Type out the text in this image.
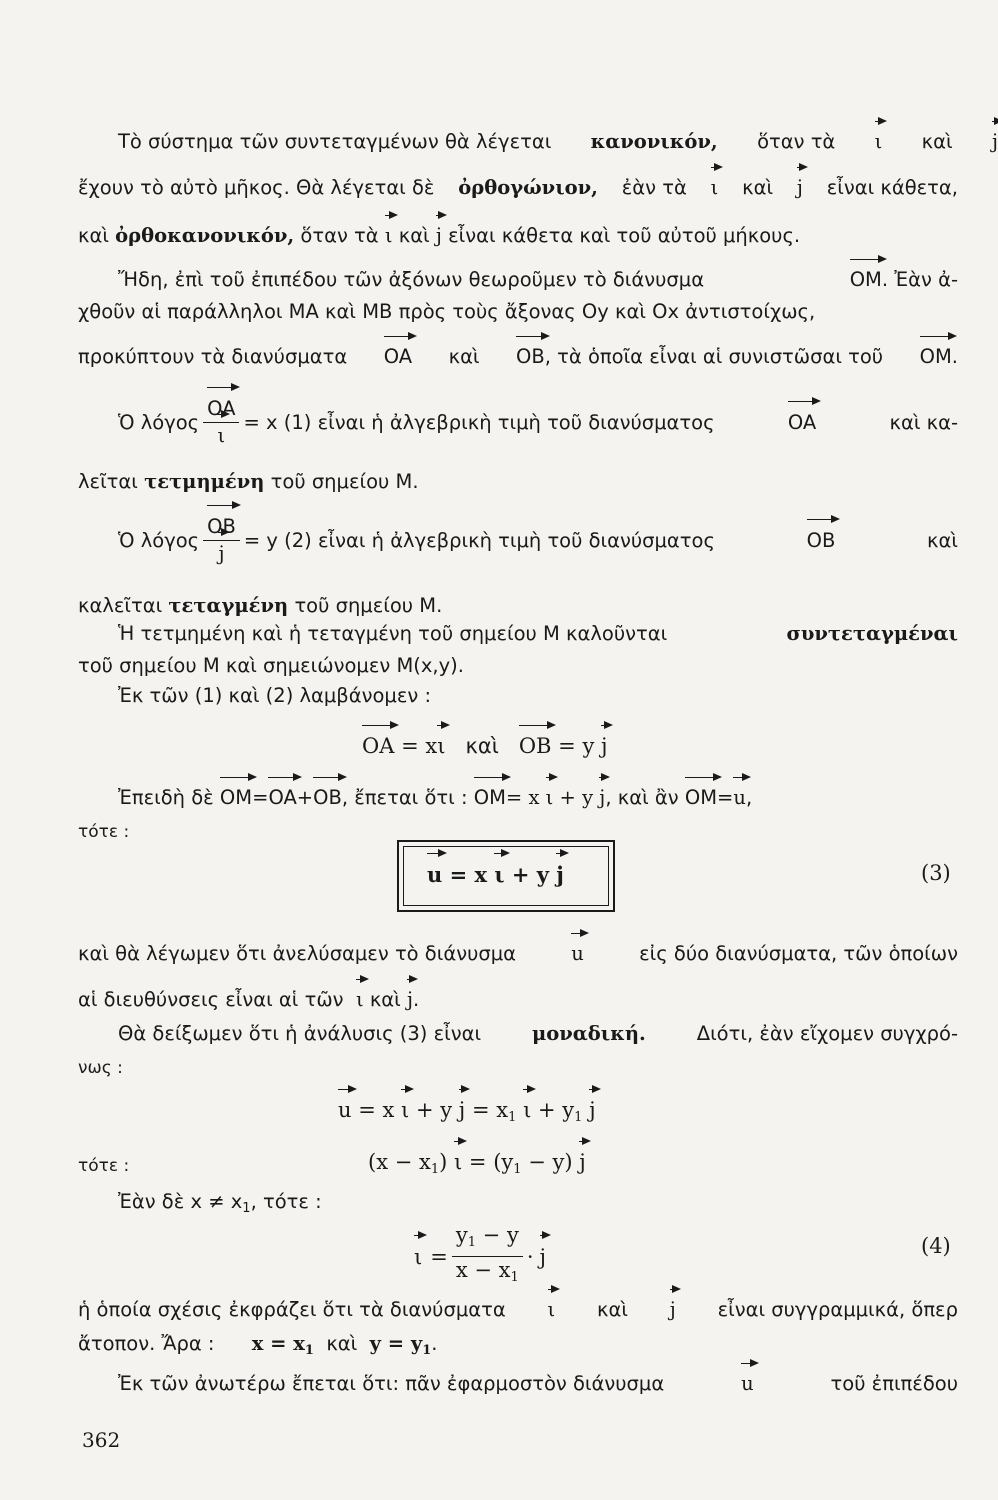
Τὸ σύστημα τῶν συντεταγμένων θὰ λέγεται κανονικόν, ὅταν τὰ ι καὶ j
ἔχουν τὸ αὐτὸ μῆκος. Θὰ λέγεται δὲ ὀρθογώνιον, ἐὰν τὰ ι καὶ j εἶναι κάθετα,
καὶ ὀρθοκανονικόν, ὅταν τὰ ι καὶ j εἶναι κάθετα καὶ τοῦ αὐτοῦ μήκους.
Ἤδη, ἐπὶ τοῦ ἐπιπέδου τῶν ἀξόνων θεωροῦμεν τὸ διάνυσμα	OM. Ἐὰν ἀ-
χθοῦν αἱ παράλληλοι MA καὶ MB πρὸς τοὺς ἄξονας Oy καὶ Ox ἀντιστοίχως,
προκύπτουν τὰ διανύσματα OA καὶ OB, τὰ ὁποῖα εἶναι αἱ συνιστῶσαι τοῦ OM.
Ὁ λόγος $\frac{OA}{\iota} = x$ (1) εἶναι ἡ ἀλγεβρικὴ τιμὴ τοῦ διανύσματος	OA	καὶ κα-
λεῖται τετμημένη τοῦ σημείου M.
Ὁ λόγος $\frac{OB}{j} = y$ (2) εἶναι ἡ ἀλγεβρικὴ τιμὴ τοῦ διανύσματος	OB	καὶ
καλεῖται τεταγμένη τοῦ σημείου M.
Ἡ τετμημένη καὶ ἡ τεταγμένη τοῦ σημείου M καλοῦνται	συντεταγμέναι
τοῦ σημείου M καὶ σημειώνομεν M(x,y).
Ἐκ τῶν (1) καὶ (2) λαμβάνομεν :
OA = xι καὶ OB = y j
Ἐπειδὴ δὲ OM=OA+OB, ἔπεται ὅτι : OM= x ι + y j, καὶ ἂν OM=u,
τότε :
u = x ι + y j	(3)
καὶ θὰ λέγωμεν ὅτι ἀνελύσαμεν τὸ διάνυσμα	u	εἰς δύο διανύσματα, τῶν ὁποίων
αἱ διευθύνσεις εἶναι αἱ τῶν ι καὶ j.
Θὰ δείξωμεν ὅτι ἡ ἀνάλυσις (3) εἶναι	μοναδική.	Διότι, ἐὰν εἴχομεν συγχρό-
νως :
u = x ι + y $j = x_1$ $\iota + y_1$ j
τότε :	$(x - x_1)$ $\iota = (y_1 - y)$ j
Ἐὰν δὲ $x \ne x_1$, τότε :
$\iota = \frac{y_1 - y}{x - x_1} \cdot j$	(4)
ἡ ὁποία σχέσις ἐκφράζει ὅτι τὰ διανύσματα ι καὶ j εἶναι συγγραμμικά, ὅπερ
ἄτοπον. Ἄρα : $x = x_1$ καὶ $y = y_1$.
Ἐκ τῶν ἀνωτέρω ἔπεται ὅτι: πᾶν ἐφαρμοστὸν διάνυσμα	u	τοῦ ἐπιπέδου
362
